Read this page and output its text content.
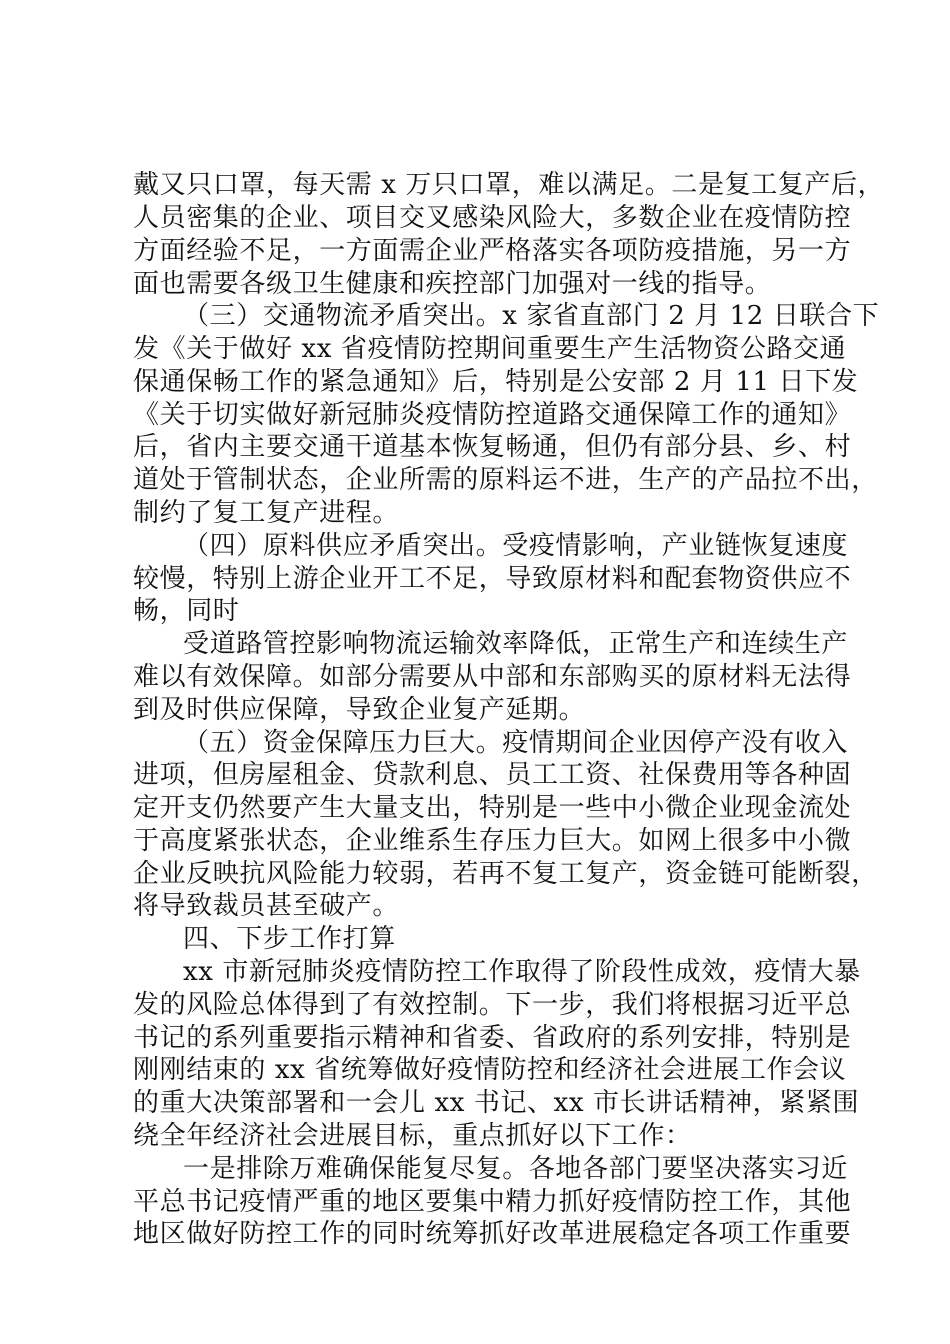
戴又只口罩，每天需 x 万只口罩，难以满足。二是复工复产后，
人员密集的企业、项目交叉感染风险大，多数企业在疫情防控
方面经验不足，一方面需企业严格落实各项防疫措施，另一方
面也需要各级卫生健康和疾控部门加强对一线的指导。
（三）交通物流矛盾突出。x 家省直部门 2 月 12 日联合下
发《关于做好 xx 省疫情防控期间重要生产生活物资公路交通
保通保畅工作的紧急通知》后，特别是公安部 2 月 11 日下发
《关于切实做好新冠肺炎疫情防控道路交通保障工作的通知》
后，省内主要交通干道基本恢复畅通，但仍有部分县、乡、村
道处于管制状态，企业所需的原料运不进，生产的产品拉不出，
制约了复工复产进程。
（四）原料供应矛盾突出。受疫情影响，产业链恢复速度
较慢，特别上游企业开工不足，导致原材料和配套物资供应不
畅，同时
受道路管控影响物流运输效率降低，正常生产和连续生产
难以有效保障。如部分需要从中部和东部购买的原材料无法得
到及时供应保障，导致企业复产延期。
（五）资金保障压力巨大。疫情期间企业因停产没有收入
进项，但房屋租金、贷款利息、员工工资、社保费用等各种固
定开支仍然要产生大量支出，特别是一些中小微企业现金流处
于高度紧张状态，企业维系生存压力巨大。如网上很多中小微
企业反映抗风险能力较弱，若再不复工复产，资金链可能断裂，
将导致裁员甚至破产。
四、下步工作打算
xx 市新冠肺炎疫情防控工作取得了阶段性成效，疫情大暴
发的风险总体得到了有效控制。下一步，我们将根据习近平总
书记的系列重要指示精神和省委、省政府的系列安排，特别是
刚刚结束的 xx 省统筹做好疫情防控和经济社会进展工作会议
的重大决策部署和一会儿 xx 书记、xx 市长讲话精神，紧紧围
绕全年经济社会进展目标，重点抓好以下工作：
一是排除万难确保能复尽复。各地各部门要坚决落实习近
平总书记疫情严重的地区要集中精力抓好疫情防控工作，其他
地区做好防控工作的同时统筹抓好改革进展稳定各项工作重要
